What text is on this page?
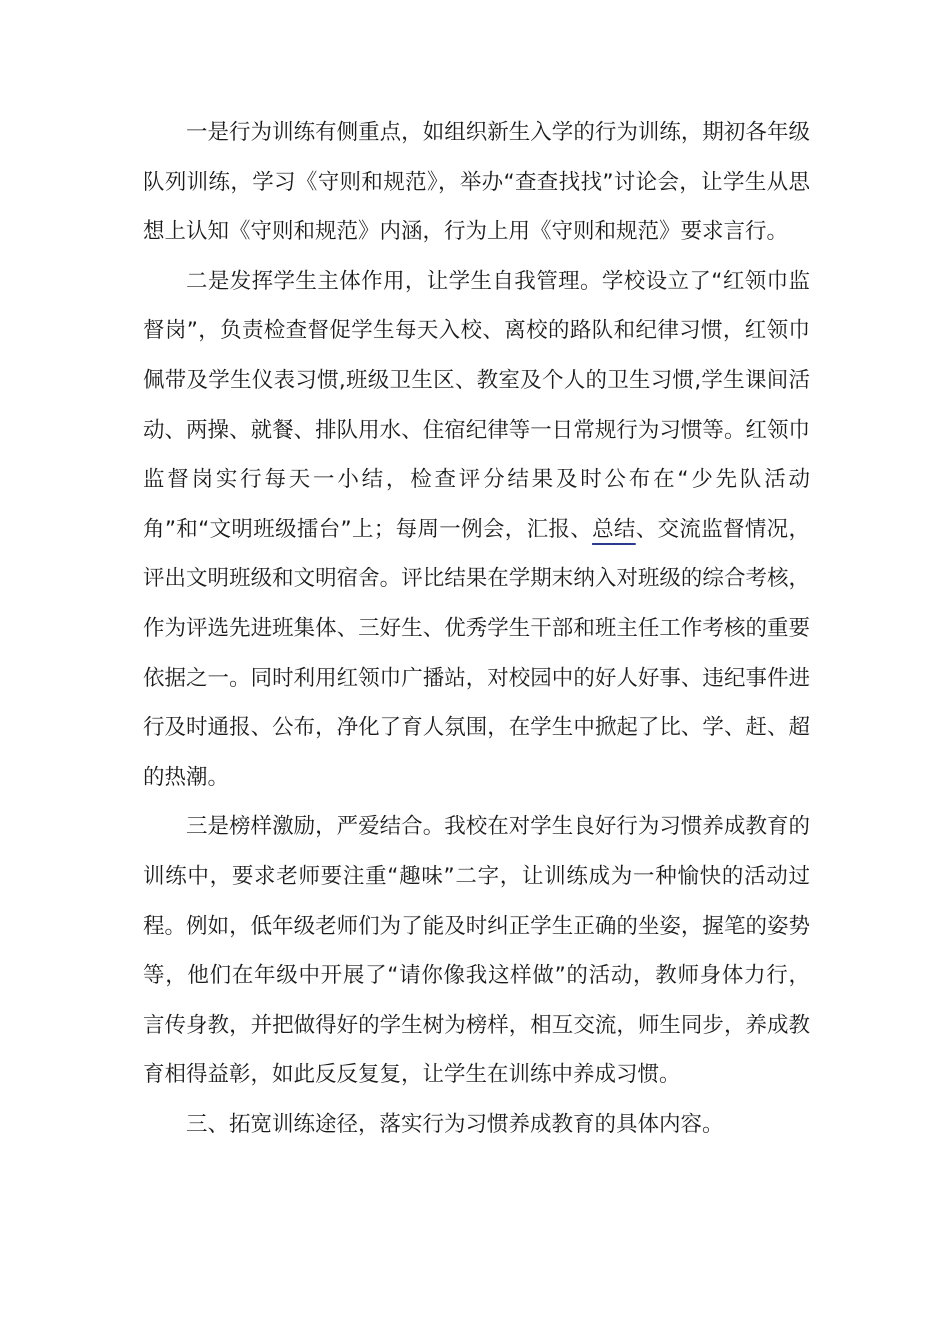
一是行为训练有侧重点，如组织新生入学的行为训练，期初各年级队列训练，学习《守则和规范》，举办“查查找找”讨论会，让学生从思想上认知《守则和规范》内涵，行为上用《守则和规范》要求言行。

二是发挥学生主体作用，让学生自我管理。学校设立了“红领巾监督岗”，负责检查督促学生每天入校、离校的路队和纪律习惯，红领巾佩带及学生仪表习惯,班级卫生区、教室及个人的卫生习惯,学生课间活动、两操、就餐、排队用水、住宿纪律等一日常规行为习惯等。红领巾监督岗实行每天一小结，检查评分结果及时公布在“少先队活动角”和“文明班级擂台”上；每周一例会，汇报、总结、交流监督情况，评出文明班级和文明宿舍。评比结果在学期末纳入对班级的综合考核，作为评选先进班集体、三好生、优秀学生干部和班主任工作考核的重要依据之一。同时利用红领巾广播站，对校园中的好人好事、违纪事件进行及时通报、公布，净化了育人氛围，在学生中掀起了比、学、赶、超的热潮。

三是榜样激励，严爱结合。我校在对学生良好行为习惯养成教育的训练中，要求老师要注重“趣味”二字，让训练成为一种愉快的活动过程。例如，低年级老师们为了能及时纠正学生正确的坐姿，握笔的姿势等，他们在年级中开展了“请你像我这样做”的活动，教师身体力行，言传身教，并把做得好的学生树为榜样，相互交流，师生同步，养成教育相得益彰，如此反反复复，让学生在训练中养成习惯。

三、拓宽训练途径，落实行为习惯养成教育的具体内容。
